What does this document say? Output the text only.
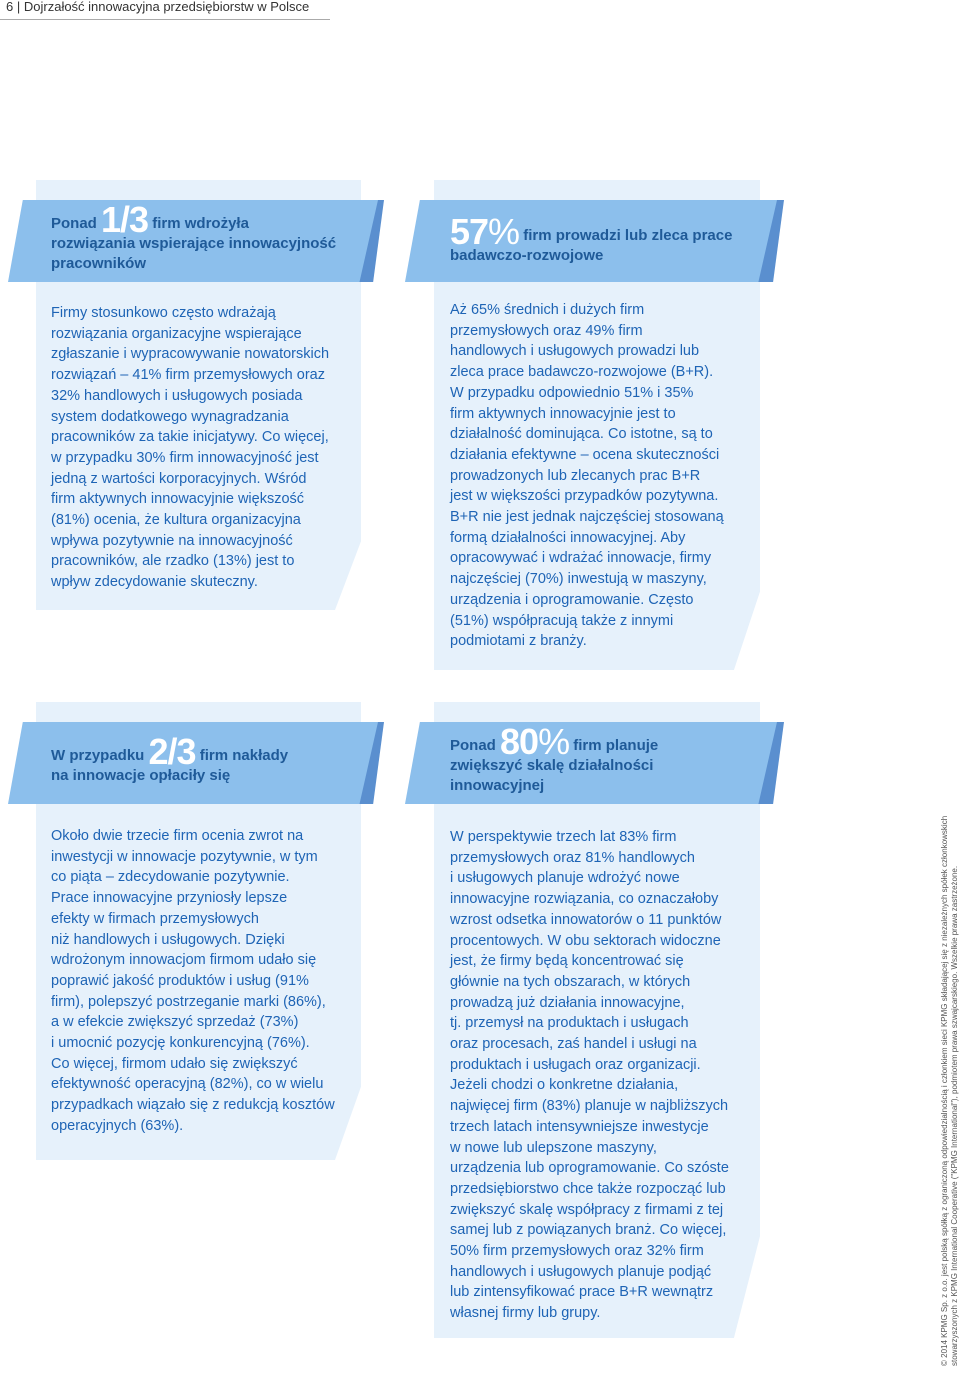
6 | Dojrzałość innowacyjna przedsiębiorstw w Polsce
Ponad 1/3 firm wdrożyła
rozwiązania wspierające innowacyjność
pracowników

Firmy stosunkowo często wdrażają

rozwiązania organizacyjne wspierające

zgłaszanie i wypracowywanie nowatorskich

rozwiązań – 41% firm przemysłowych oraz

32% handlowych i usługowych posiada

system dodatkowego wynagradzania

pracowników za takie inicjatywy. Co więcej,

w przypadku 30% firm innowacyjność jest

jedną z wartości korporacyjnych. Wśród

firm aktywnych innowacyjnie większość

(81%) ocenia, że kultura organizacyjna

wpływa pozytywnie na innowacyjność

pracowników, ale rzadko (13%) jest to

wpływ zdecydowanie skuteczny.

57% firm prowadzi lub zleca prace
badawczo-rozwojowe

Aż 65% średnich i dużych firm

przemysłowych oraz 49% firm

handlowych i usługowych prowadzi lub

zleca prace badawczo-rozwojowe (B+R).

W przypadku odpowiednio 51% i 35%

firm aktywnych innowacyjnie jest to

działalność dominująca. Co istotne, są to

działania efektywne – ocena skuteczności

prowadzonych lub zlecanych prac B+R

jest w większości przypadków pozytywna.

B+R nie jest jednak najczęściej stosowaną

formą działalności innowacyjnej. Aby

opracowywać i wdrażać innowacje, firmy

najczęściej (70%) inwestują w maszyny,

urządzenia i oprogramowanie. Często

(51%) współpracują także z innymi

podmiotami z branży.

W przypadku 2/3 firm nakłady
na innowacje opłaciły się

Około dwie trzecie firm ocenia zwrot na

inwestycji w innowacje pozytywnie, w tym

co piąta – zdecydowanie pozytywnie.

Prace innowacyjne przyniosły lepsze

efekty w firmach przemysłowych

niż handlowych i usługowych. Dzięki

wdrożonym innowacjom firmom udało się

poprawić jakość produktów i usług (91%

firm), polepszyć postrzeganie marki (86%),

a w efekcie zwiększyć sprzedaż (73%)

i umocnić pozycję konkurencyjną (76%).

Co więcej, firmom udało się zwiększyć

efektywność operacyjną (82%), co w wielu

przypadkach wiązało się z redukcją kosztów

operacyjnych (63%).

Ponad 80% firm planuje
zwiększyć skalę działalności
innowacyjnej

W perspektywie trzech lat 83% firm

przemysłowych oraz 81% handlowych

i usługowych planuje wdrożyć nowe

innowacyjne rozwiązania, co oznaczałoby

wzrost odsetka innowatorów o 11 punktów

procentowych. W obu sektorach widoczne

jest, że firmy będą koncentrować się

głównie na tych obszarach, w których

prowadzą już działania innowacyjne,

tj. przemysł na produktach i usługach

oraz procesach, zaś handel i usługi na

produktach i usługach oraz organizacji.

Jeżeli chodzi o konkretne działania,

najwięcej firm (83%) planuje w najbliższych

trzech latach intensywniejsze inwestycje

w nowe lub ulepszone maszyny,

urządzenia lub oprogramowanie. Co szóste

przedsiębiorstwo chce także rozpocząć lub

zwiększyć skalę współpracy z firmami z tej

samej lub z powiązanych branż. Co więcej,

50% firm przemysłowych oraz 32% firm

handlowych i usługowych planuje podjąć

lub zintensyfikować prace B+R wewnątrz

własnej firmy lub grupy.	© 2014 KPMG Sp. z o.o. jest polską spółką z ograniczoną odpowiedzialnością i członkiem sieci KPMG składającej się z niezależnych spółek członkowskich stowarzyszonych z KPMG International Cooperative ("KPMG International"), podmiotem prawa szwajcarskiego. Wszelkie prawa zastrzeżone.
